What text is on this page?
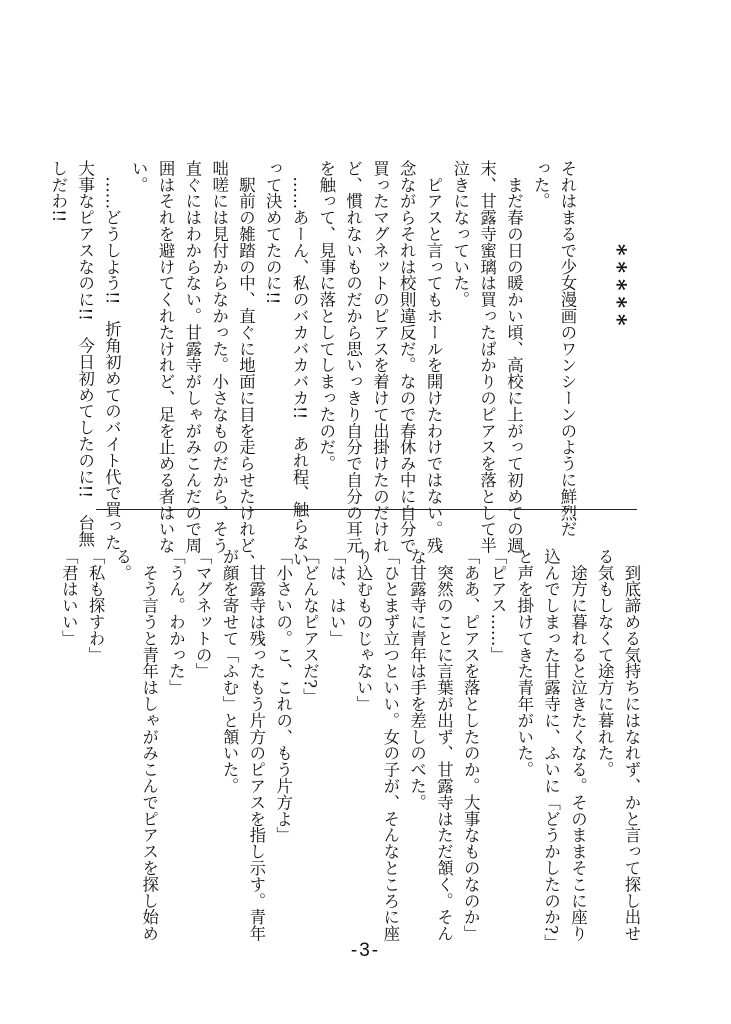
*****
それはまるで少女漫画のワンシーンのように鮮烈だ
った。
　まだ春の日の暖かい頃、高校に上がって初めての週
末、甘露寺蜜璃は買ったばかりのピアスを落として半
泣きになっていた。
　ピアスと言ってもホールを開けたわけではない。残
念ながらそれは校則違反だ。なので春休み中に自分で
買ったマグネットのピアスを着けて出掛けたのだけれ
ど、慣れないものだから思いっきり自分で自分の耳元
を触って、見事に落としてしまったのだ。
　……あーん、私のバカバカバカ!!　あれ程、触らない
って決めてたのに!!
　駅前の雑踏の中、直ぐに地面に目を走らせたけれど、
咄嗟には見付からなかった。小さなものだから、そう
直ぐにはわからない。甘露寺がしゃがみこんだので周
囲はそれを避けてくれたけれど、足を止める者はいな
い。
　……どうしよう!!　折角初めてのバイト代で買った
大事なピアスなのに!!　今日初めてしたのに!!　台無
しだわ!!
　到底諦める気持ちにはなれず、かと言って探し出せ
る気もしなくて途方に暮れた。
　途方に暮れると泣きたくなる。そのままそこに座り
込んでしまった甘露寺に、ふいに「どうかしたのか?」
と声を掛けてきた青年がいた。
「ピアス……」
「ああ、ピアスを落としたのか。大事なものなのか」
　突然のことに言葉が出ず、甘露寺はただ頷く。そん
な甘露寺に青年は手を差しのべた。
「ひとまず立つといい。女の子が、そんなところに座
り込むものじゃない」
「は、はい」
「どんなピアスだ?」
「小さいの。こ、これの、もう片方よ」
　甘露寺は残ったもう片方のピアスを指し示す。青年
が顔を寄せて「ふむ」と頷いた。
「マグネットの」
「うん。わかった」
　そう言うと青年はしゃがみこんでピアスを探し始め
る。
「私も探すわ」
「君はいい」
-3-
